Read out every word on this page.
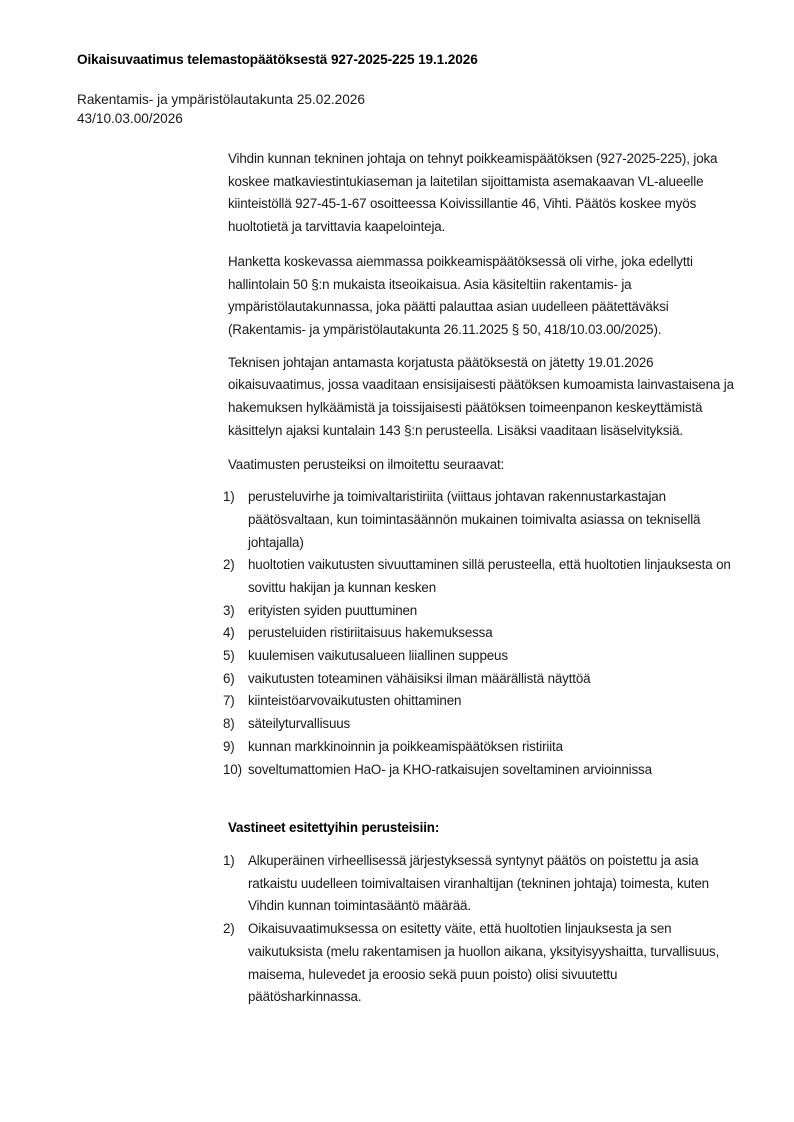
Oikaisuvaatimus telemastopäätöksestä 927-2025-225 19.1.2026
Rakentamis- ja ympäristölautakunta 25.02.2026
43/10.03.00/2026

Vihdin kunnan tekninen johtaja on tehnyt poikkeamispäätöksen (927-2025-225), joka koskee matkaviestintukiaseman ja laitetilan sijoittamista asemakaavan VL-alueelle kiinteistöllä 927-45-1-67 osoitteessa Koivissillantie 46, Vihti. Päätös koskee myös huoltotietä ja tarvittavia kaapelointeja.

Hanketta koskevassa aiemmassa poikkeamispäätöksessä oli virhe, joka edellytti hallintolain 50 §:n mukaista itseoikaisua. Asia käsiteltiin rakentamis- ja ympäristölautakunnassa, joka päätti palauttaa asian uudelleen päätettäväksi (Rakentamis- ja ympäristölautakunta 26.11.2025 § 50, 418/10.03.00/2025).

Teknisen johtajan antamasta korjatusta päätöksestä on jätetty 19.01.2026 oikaisuvaatimus, jossa vaaditaan ensisijaisesti päätöksen kumoamista lainvastaisena ja hakemuksen hylkäämistä ja toissijaisesti päätöksen toimeenpanon keskeyttämistä käsittelyn ajaksi kuntalain 143 §:n perusteella. Lisäksi vaaditaan lisäselvityksiä.

Vaatimusten perusteiksi on ilmoitettu seuraavat:

1) perusteluvirhe ja toimivaltaristiriita (viittaus johtavan rakennustarkastajan päätösvaltaan, kun toimintasäännön mukainen toimivalta asiassa on teknisellä johtajalla)
2) huoltotien vaikutusten sivuuttaminen sillä perusteella, että huoltotien linjauksesta on sovittu hakijan ja kunnan kesken
3) erityisten syiden puuttuminen
4) perusteluiden ristiriitaisuus hakemuksessa
5) kuulemisen vaikutusalueen liiallinen suppeus
6) vaikutusten toteaminen vähäisiksi ilman määrällistä näyttöä
7) kiinteistöarvovaikutusten ohittaminen
8) säteilyturvallisuus
9) kunnan markkinoinnin ja poikkeamispäätöksen ristiriita
10) soveltumattomien HaO- ja KHO-ratkaisujen soveltaminen arvioinnissa

Vastineet esitettyihin perusteisiin:

1) Alkuperäinen virheellisessä järjestyksessä syntynyt päätös on poistettu ja asia ratkaistu uudelleen toimivaltaisen viranhaltijan (tekninen johtaja) toimesta, kuten Vihdin kunnan toimintasääntö määrää.
2) Oikaisuvaatimuksessa on esitetty väite, että huoltotien linjauksesta ja sen vaikutuksista (melu rakentamisen ja huollon aikana, yksityisyyshaitta, turvallisuus, maisema, hulevedet ja eroosio sekä puun poisto) olisi sivuutettu päätösharkinnassa.
